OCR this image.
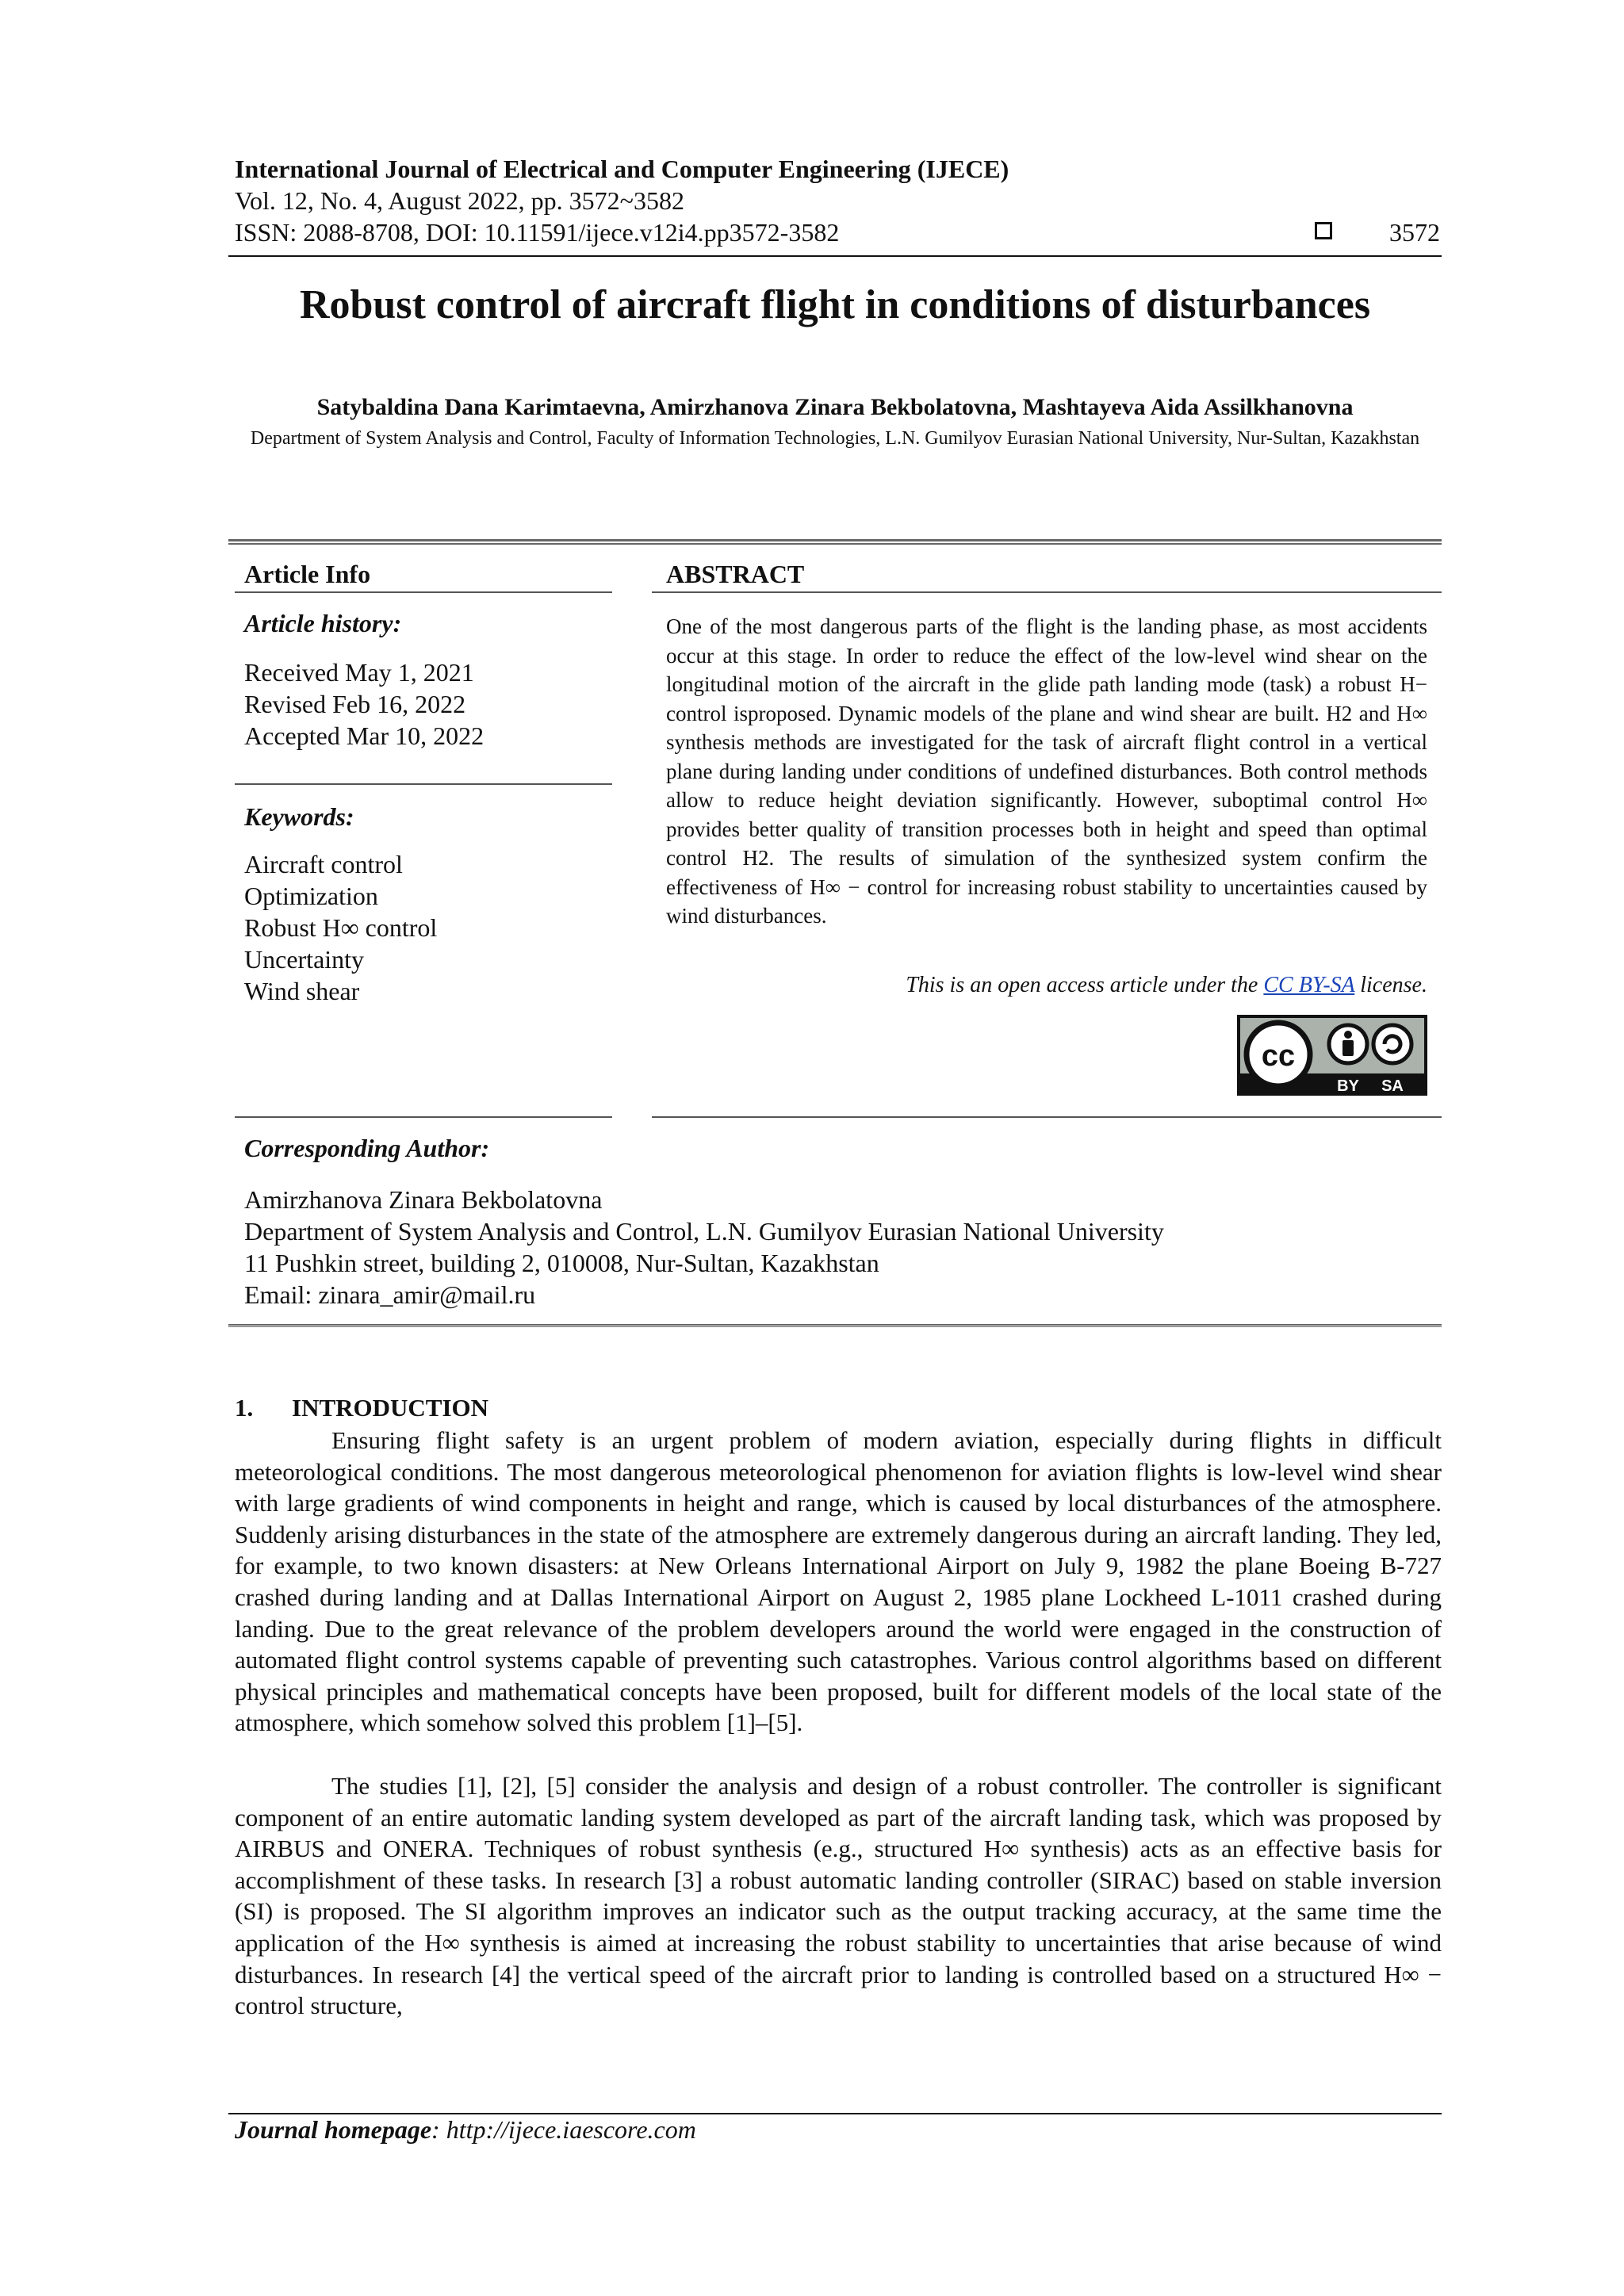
International Journal of Electrical and Computer Engineering (IJECE)
Vol. 12, No. 4, August 2022, pp. 3572~3582
ISSN: 2088-8708, DOI: 10.11591/ijece.v12i4.pp3572-3582	3572
Robust control of aircraft flight in conditions of disturbances
Satybaldina Dana Karimtaevna, Amirzhanova Zinara Bekbolatovna, Mashtayeva Aida Assilkhanovna
Department of System Analysis and Control, Faculty of Information Technologies, L.N. Gumilyov Eurasian National University, Nur-Sultan, Kazakhstan
Article Info	ABSTRACT
Article history:
Received May 1, 2021
Revised Feb 16, 2022
Accepted Mar 10, 2022
Keywords:
Aircraft control
Optimization
Robust H∞ control
Uncertainty
Wind shear
One of the most dangerous parts of the flight is the landing phase, as most accidents occur at this stage. In order to reduce the effect of the low-level wind shear on the longitudinal motion of the aircraft in the glide path landing mode (task) a robust H− control isproposed. Dynamic models of the plane and wind shear are built. H2 and H∞ synthesis methods are investigated for the task of aircraft flight control in a vertical plane during landing under conditions of undefined disturbances. Both control methods allow to reduce height deviation significantly. However, suboptimal control H∞ provides better quality of transition processes both in height and speed than optimal control H2. The results of simulation of the synthesized system confirm the effectiveness of H∞ − control for increasing robust stability to uncertainties caused by wind disturbances.
This is an open access article under the CC BY-SA license.
cc
BY SA
Corresponding Author:
Amirzhanova Zinara Bekbolatovna
Department of System Analysis and Control, L.N. Gumilyov Eurasian National University
11 Pushkin street, building 2, 010008, Nur-Sultan, Kazakhstan
Email: zinara_amir@mail.ru
1. INTRODUCTION
Ensuring flight safety is an urgent problem of modern aviation, especially during flights in difficult meteorological conditions. The most dangerous meteorological phenomenon for aviation flights is low-level wind shear with large gradients of wind components in height and range, which is caused by local disturbances of the atmosphere. Suddenly arising disturbances in the state of the atmosphere are extremely dangerous during an aircraft landing. They led, for example, to two known disasters: at New Orleans International Airport on July 9, 1982 the plane Boeing B-727 crashed during landing and at Dallas International Airport on August 2, 1985 plane Lockheed L-1011 crashed during landing. Due to the great relevance of the problem developers around the world were engaged in the construction of automated flight control systems capable of preventing such catastrophes. Various control algorithms based on different physical principles and mathematical concepts have been proposed, built for different models of the local state of the atmosphere, which somehow solved this problem [1]–[5].
The studies [1], [2], [5] consider the analysis and design of a robust controller. The controller is significant component of an entire automatic landing system developed as part of the aircraft landing task, which was proposed by AIRBUS and ONERA. Techniques of robust synthesis (e.g., structured H∞ synthesis) acts as an effective basis for accomplishment of these tasks. In research [3] a robust automatic landing controller (SIRAC) based on stable inversion (SI) is proposed. The SI algorithm improves an indicator such as the output tracking accuracy, at the same time the application of the H∞ synthesis is aimed at increasing the robust stability to uncertainties that arise because of wind disturbances. In research [4] the vertical speed of the aircraft prior to landing is controlled based on a structured H∞ − control structure,
Journal homepage: http://ijece.iaescore.com
